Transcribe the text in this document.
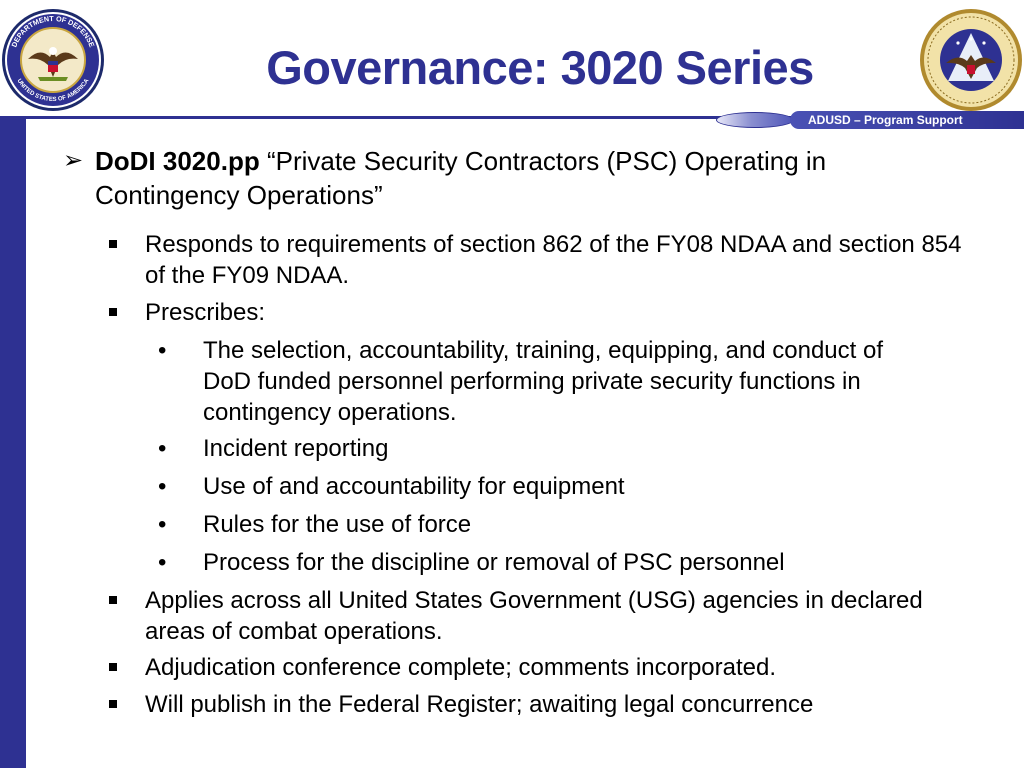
DEPARTMENT OF DEFENSE
UNITED STATES OF AMERICA	Governance: 3020 Series
ADUSD – Program Support
➢ DoDI 3020.pp “Private Security Contractors (PSC) Operating in Contingency Operations”
Responds to requirements of section 862 of the FY08 NDAA and section 854 of the FY09 NDAA.
Prescribes:
• The selection, accountability, training, equipping, and conduct of DoD funded personnel performing private security functions in contingency operations.
• Incident reporting
• Use of and accountability for equipment
• Rules for the use of force
• Process for the discipline or removal of PSC personnel
Applies across all United States Government (USG) agencies in declared areas of combat operations.
Adjudication conference complete; comments incorporated.
Will publish in the Federal Register; awaiting legal concurrence
